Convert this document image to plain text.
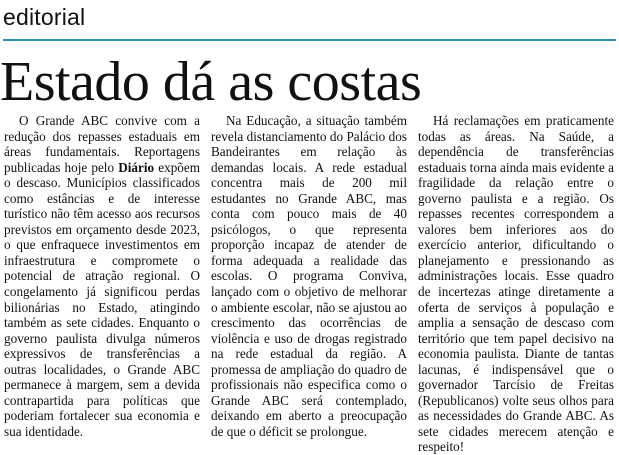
editorial
Estado dá as costas

O Grande ABC convive com a redução dos repasses estaduais em áreas fundamentais. Reportagens publicadas hoje pelo Diário expõem o descaso. Municípios classificados como estâncias e de interesse turístico não têm acesso aos recursos previstos em orçamento desde 2023, o que enfraquece investimentos em infraestrutura e compromete o potencial de atração regional. O congelamento já significou perdas bilionárias no Estado, atingindo também as sete cidades. Enquanto o governo paulista divulga números expressivos de transferências a outras localidades, o Grande ABC permanece à margem, sem a devida contrapartida para políticas que poderiam fortalecer sua economia e sua identidade.

Na Educação, a situação também revela distanciamento do Palácio dos Bandeirantes em relação às demandas locais. A rede estadual concentra mais de 200 mil estudantes no Grande ABC, mas conta com pouco mais de 40 psicólogos, o que representa proporção incapaz de atender de forma adequada a realidade das escolas. O programa Conviva, lançado com o objetivo de melhorar o ambiente escolar, não se ajustou ao crescimento das ocorrências de violência e uso de drogas registrado na rede estadual da região. A promessa de ampliação do quadro de profissionais não especifica como o Grande ABC será contemplado, deixando em aberto a preocupação de que o déficit se prolongue.

Há reclamações em praticamente todas as áreas. Na Saúde, a dependência de transferências estaduais torna ainda mais evidente a fragilidade da relação entre o governo paulista e a região. Os repasses recentes correspondem a valores bem inferiores aos do exercício anterior, dificultando o planejamento e pressionando as administrações locais. Esse quadro de incertezas atinge diretamente a oferta de serviços à população e amplia a sensação de descaso com território que tem papel decisivo na economia paulista. Diante de tantas lacunas, é indispensável que o governador Tarcísio de Freitas (Republicanos) volte seus olhos para as necessidades do Grande ABC. As sete cidades merecem atenção e respeito!
